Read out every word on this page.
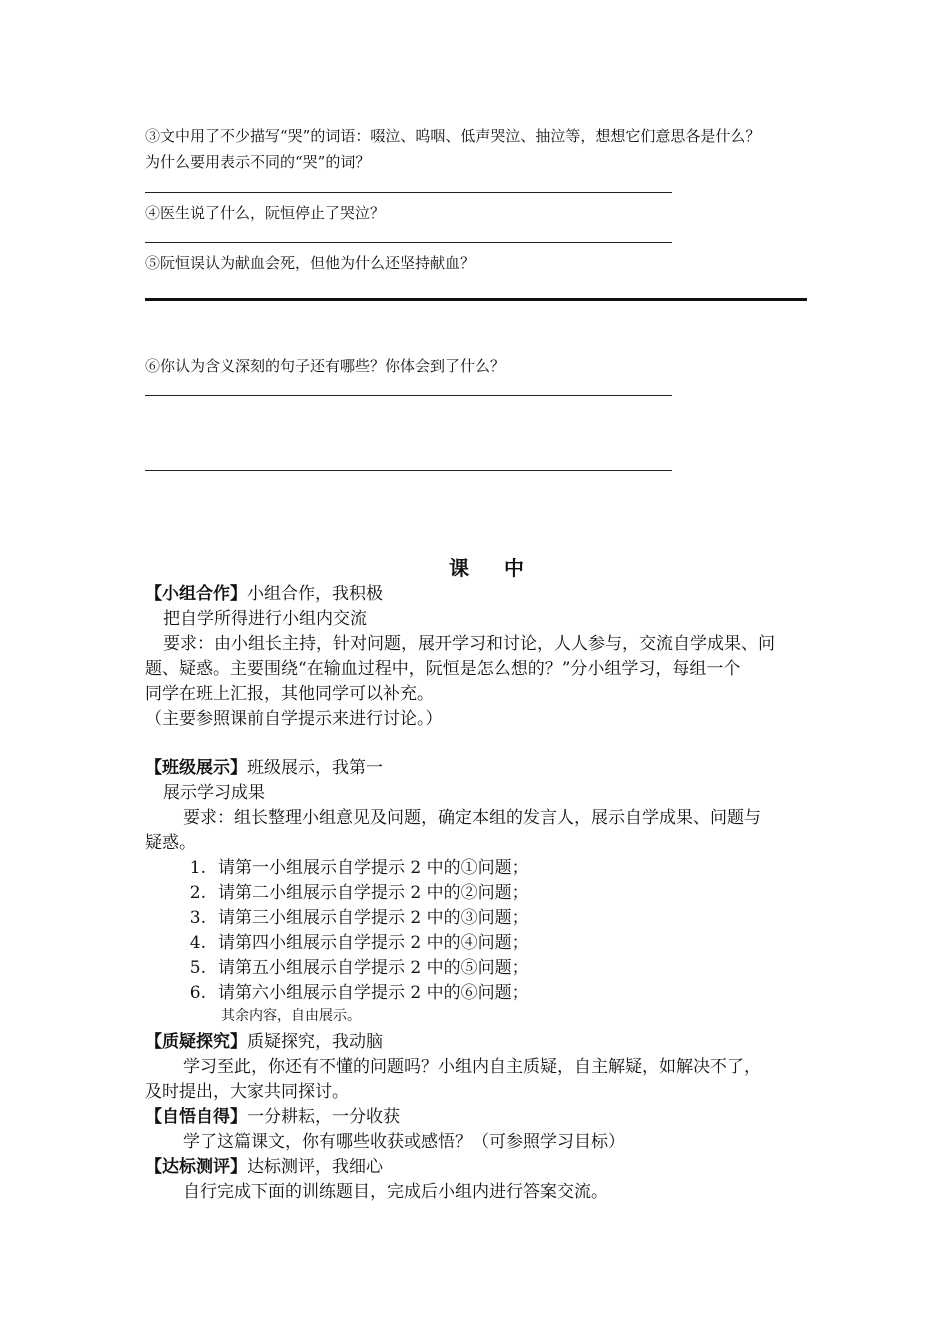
③文中用了不少描写“哭”的词语：啜泣、呜咽、低声哭泣、抽泣等，想想它们意思各是什么？
为什么要用表示不同的“哭”的词？
④医生说了什么，阮恒停止了哭泣？
⑤阮恒误认为献血会死，但他为什么还坚持献血？
⑥你认为含义深刻的句子还有哪些？你体会到了什么？
课 中
【小组合作】小组合作，我积极
把自学所得进行小组内交流
要求：由小组长主持，针对问题，展开学习和讨论，人人参与，交流自学成果、问
题、疑惑。主要围绕“在输血过程中，阮恒是怎么想的？”分小组学习，每组一个
同学在班上汇报，其他同学可以补充。
（主要参照课前自学提示来进行讨论。）
【班级展示】班级展示，我第一
展示学习成果
要求：组长整理小组意见及问题，确定本组的发言人，展示自学成果、问题与
疑惑。
1. 请第一小组展示自学提示 2 中的①问题；
2. 请第二小组展示自学提示 2 中的②问题；
3. 请第三小组展示自学提示 2 中的③问题；
4. 请第四小组展示自学提示 2 中的④问题；
5. 请第五小组展示自学提示 2 中的⑤问题；
6. 请第六小组展示自学提示 2 中的⑥问题；
其余内容，自由展示。
【质疑探究】质疑探究，我动脑
学习至此，你还有不懂的问题吗？小组内自主质疑，自主解疑，如解决不了，
及时提出，大家共同探讨。
【自悟自得】一分耕耘，一分收获
学了这篇课文，你有哪些收获或感悟？（可参照学习目标）
【达标测评】达标测评，我细心
自行完成下面的训练题目，完成后小组内进行答案交流。
